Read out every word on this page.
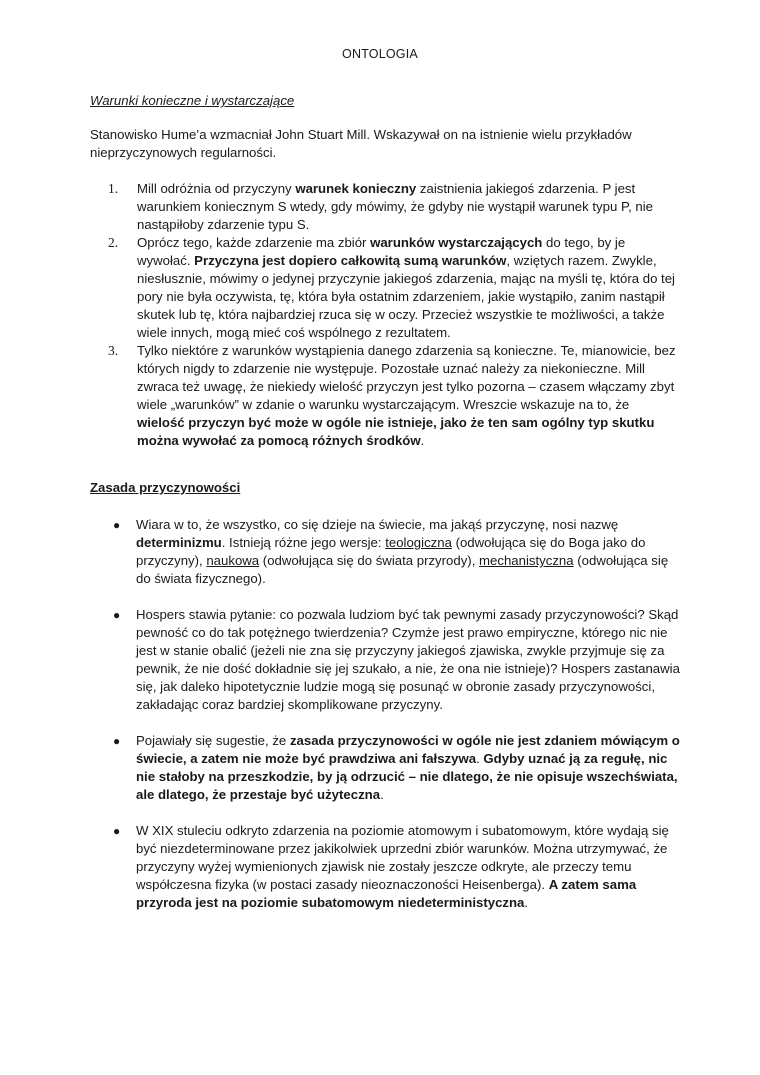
ONTOLOGIA
Warunki konieczne i wystarczające
Stanowisko Hume’a wzmacniał John Stuart Mill. Wskazywał on na istnienie wielu przykładów nieprzyczynowych regularności.
1. Mill odróżnia od przyczyny warunek konieczny zaistnienia jakiegoś zdarzenia. P jest warunkiem koniecznym S wtedy, gdy mówimy, że gdyby nie wystąpił warunek typu P, nie nastąpiłoby zdarzenie typu S.
2. Oprócz tego, każde zdarzenie ma zbiór warunków wystarczających do tego, by je wywołać. Przyczyna jest dopiero całkowitą sumą warunków, wziętych razem. Zwykle, niesłusznie, mówimy o jedynej przyczynie jakiegoś zdarzenia, mając na myśli tę, która do tej pory nie była oczywista, tę, która była ostatnim zdarzeniem, jakie wystąpiło, zanim nastąpił skutek lub tę, która najbardziej rzuca się w oczy. Przecież wszystkie te możliwości, a także wiele innych, mogą mieć coś wspólnego z rezultatem.
3. Tylko niektóre z warunków wystąpienia danego zdarzenia są konieczne. Te, mianowicie, bez których nigdy to zdarzenie nie występuje. Pozostałe uznać należy za niekonieczne. Mill zwraca też uwagę, że niekiedy wielość przyczyn jest tylko pozorna – czasem włączamy zbyt wiele „warunków” w zdanie o warunku wystarczającym. Wreszcie wskazuje na to, że wielość przyczyn być może w ogóle nie istnieje, jako że ten sam ogólny typ skutku można wywołać za pomocą różnych środków.
Zasada przyczynowości
● Wiara w to, że wszystko, co się dzieje na świecie, ma jakąś przyczynę, nosi nazwę determinizmu. Istnieją różne jego wersje: teologiczna (odwołująca się do Boga jako do przyczyny), naukowa (odwołująca się do świata przyrody), mechanistyczna (odwołująca się do świata fizycznego).
● Hospers stawia pytanie: co pozwala ludziom być tak pewnymi zasady przyczynowości? Skąd pewność co do tak potężnego twierdzenia? Czymże jest prawo empiryczne, którego nic nie jest w stanie obalić (jeżeli nie zna się przyczyny jakiegoś zjawiska, zwykle przyjmuje się za pewnik, że nie dość dokładnie się jej szukało, a nie, że ona nie istnieje)? Hospers zastanawia się, jak daleko hipotetycznie ludzie mogą się posunąć w obronie zasady przyczynowości, zakładając coraz bardziej skomplikowane przyczyny.
● Pojawiały się sugestie, że zasada przyczynowości w ogóle nie jest zdaniem mówiącym o świecie, a zatem nie może być prawdziwa ani fałszywa. Gdyby uznać ją za regułę, nic nie stałoby na przeszkodzie, by ją odrzucić – nie dlatego, że nie opisuje wszechświata, ale dlatego, że przestaje być użyteczna.
● W XIX stuleciu odkryto zdarzenia na poziomie atomowym i subatomowym, które wydają się być niezdeterminowane przez jakikolwiek uprzedni zbiór warunków. Można utrzymywać, że przyczyny wyżej wymienionych zjawisk nie zostały jeszcze odkryte, ale przeczy temu współczesna fizyka (w postaci zasady nieoznaczoności Heisenberga). A zatem sama przyroda jest na poziomie subatomowym niedeterministyczna.
